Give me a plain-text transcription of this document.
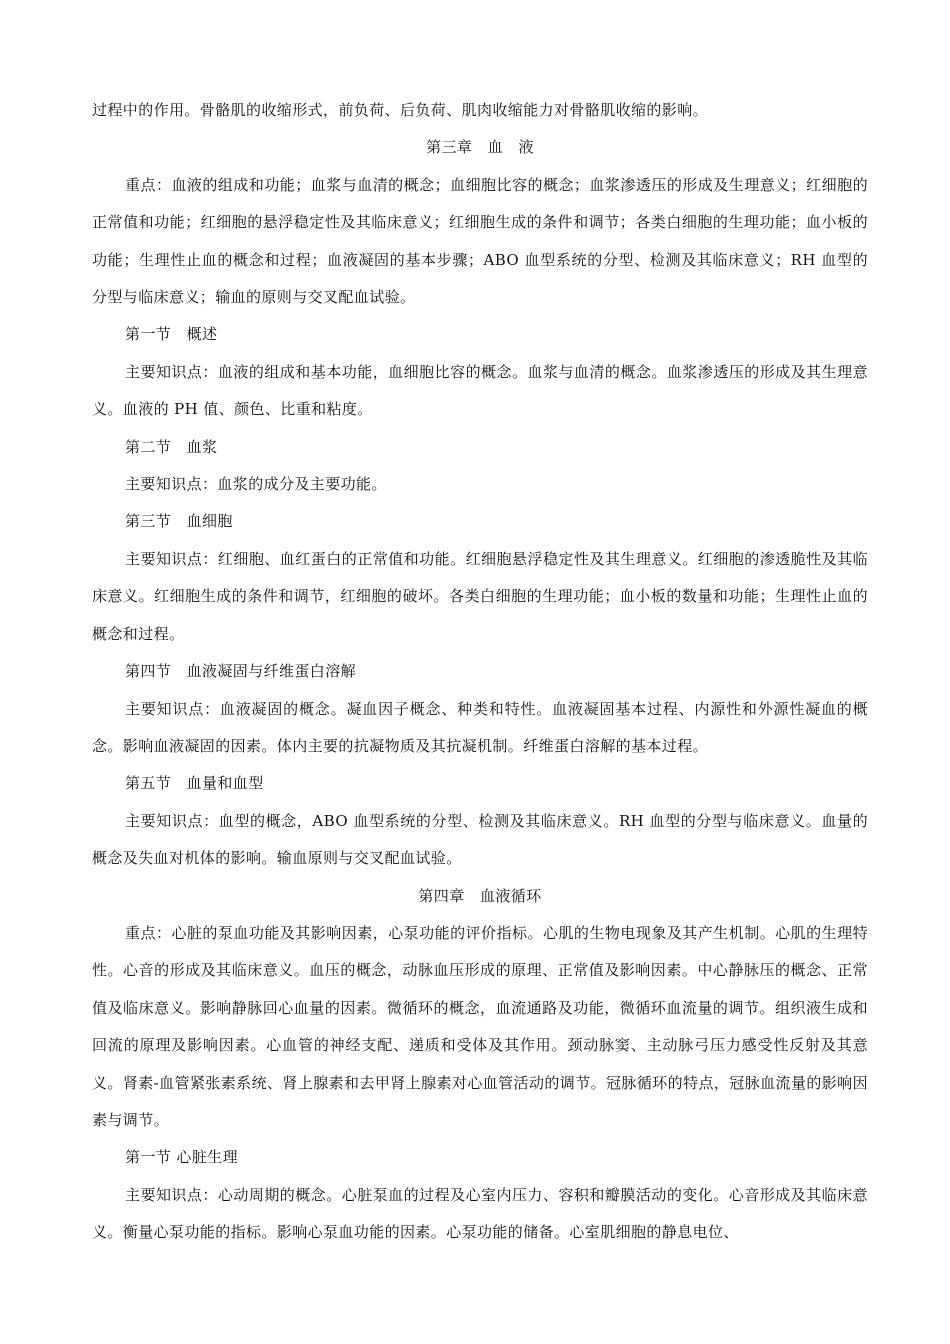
过程中的作用。骨骼肌的收缩形式，前负荷、后负荷、肌肉收缩能力对骨骼肌收缩的影响。

第三章　血　液

重点：血液的组成和功能；血浆与血清的概念；血细胞比容的概念；血浆渗透压的形成及生理意义；红细胞的正常值和功能；红细胞的悬浮稳定性及其临床意义；红细胞生成的条件和调节；各类白细胞的生理功能；血小板的功能；生理性止血的概念和过程；血液凝固的基本步骤；ABO 血型系统的分型、检测及其临床意义；RH 血型的分型与临床意义；输血的原则与交叉配血试验。

第一节　概述

主要知识点：血液的组成和基本功能，血细胞比容的概念。血浆与血清的概念。血浆渗透压的形成及其生理意义。血液的 PH 值、颜色、比重和粘度。

第二节　血浆

主要知识点：血浆的成分及主要功能。

第三节　血细胞

主要知识点：红细胞、血红蛋白的正常值和功能。红细胞悬浮稳定性及其生理意义。红细胞的渗透脆性及其临床意义。红细胞生成的条件和调节，红细胞的破坏。各类白细胞的生理功能；血小板的数量和功能；生理性止血的概念和过程。

第四节　血液凝固与纤维蛋白溶解

主要知识点：血液凝固的概念。凝血因子概念、种类和特性。血液凝固基本过程、内源性和外源性凝血的概念。影响血液凝固的因素。体内主要的抗凝物质及其抗凝机制。纤维蛋白溶解的基本过程。

第五节　血量和血型

主要知识点：血型的概念，ABO 血型系统的分型、检测及其临床意义。RH 血型的分型与临床意义。血量的概念及失血对机体的影响。输血原则与交叉配血试验。

第四章　血液循环

重点：心脏的泵血功能及其影响因素，心泵功能的评价指标。心肌的生物电现象及其产生机制。心肌的生理特性。心音的形成及其临床意义。血压的概念，动脉血压形成的原理、正常值及影响因素。中心静脉压的概念、正常值及临床意义。影响静脉回心血量的因素。微循环的概念，血流通路及功能，微循环血流量的调节。组织液生成和回流的原理及影响因素。心血管的神经支配、递质和受体及其作用。颈动脉窦、主动脉弓压力感受性反射及其意义。肾素-血管紧张素系统、肾上腺素和去甲肾上腺素对心血管活动的调节。冠脉循环的特点，冠脉血流量的影响因素与调节。

第一节 心脏生理

主要知识点：心动周期的概念。心脏泵血的过程及心室内压力、容积和瓣膜活动的变化。心音形成及其临床意义。衡量心泵功能的指标。影响心泵血功能的因素。心泵功能的储备。心室肌细胞的静息电位、
